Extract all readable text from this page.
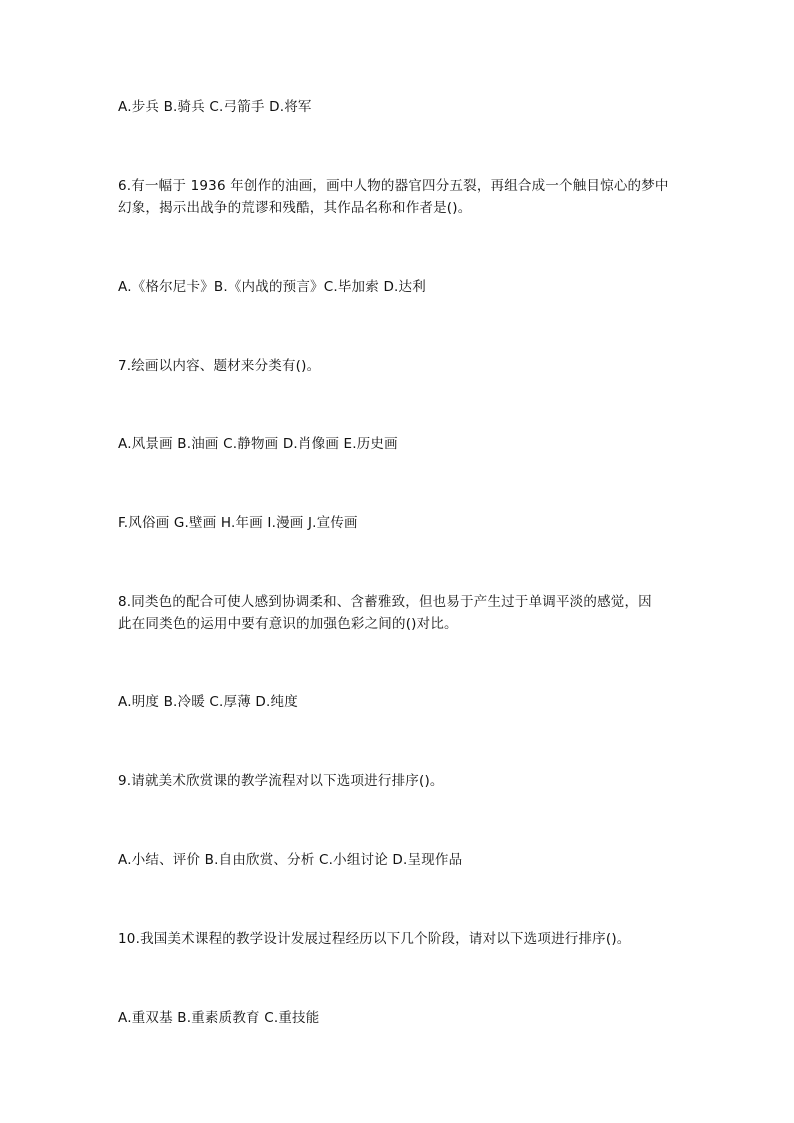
A.步兵 B.骑兵 C.弓箭手 D.将军
6.有一幅于 1936 年创作的油画，画中人物的器官四分五裂，再组合成一个触目惊心的梦中
幻象，揭示出战争的荒谬和残酷，其作品名称和作者是()。
A.《格尔尼卡》B.《内战的预言》C.毕加索 D.达利
7.绘画以内容、题材来分类有()。
A.风景画 B.油画 C.静物画 D.肖像画 E.历史画
F.风俗画 G.壁画 H.年画 I.漫画 J.宣传画
8.同类色的配合可使人感到协调柔和、含蓄雅致，但也易于产生过于单调平淡的感觉，因
此在同类色的运用中要有意识的加强色彩之间的()对比。
A.明度 B.冷暖 C.厚薄 D.纯度
9.请就美术欣赏课的教学流程对以下选项进行排序()。
A.小结、评价 B.自由欣赏、分析 C.小组讨论 D.呈现作品
10.我国美术课程的教学设计发展过程经历以下几个阶段，请对以下选项进行排序()。
A.重双基 B.重素质教育 C.重技能
